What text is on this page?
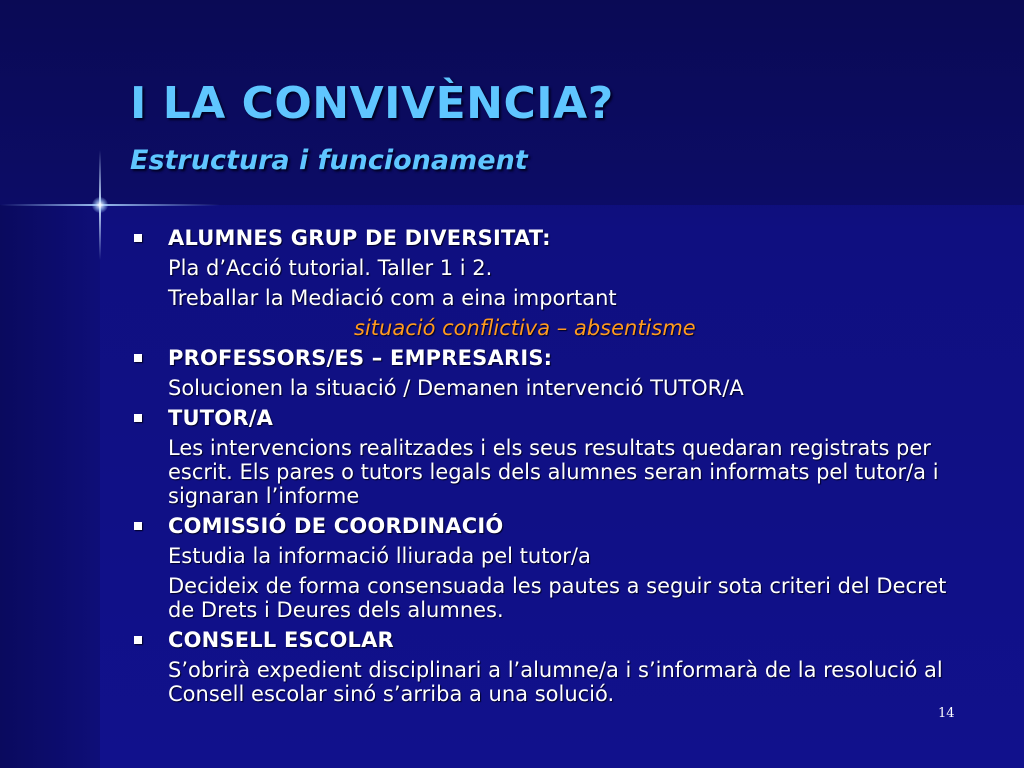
I LA CONVIVÈNCIA?
Estructura i funcionament
ALUMNES GRUP DE DIVERSITAT:
Pla d’Acció tutorial. Taller 1 i 2.
Treballar la Mediació com a eina important
situació conflictiva – absentisme
PROFESSORS/ES – EMPRESARIS:
Solucionen la situació / Demanen intervenció TUTOR/A
TUTOR/A
Les intervencions realitzades i els seus resultats quedaran registrats per escrit. Els pares o tutors legals dels alumnes seran informats pel tutor/a i signaran l’informe
COMISSIÓ DE COORDINACIÓ
Estudia la informació lliurada pel tutor/a
Decideix de forma consensuada les pautes a seguir sota criteri del Decret de Drets i Deures dels alumnes.
CONSELL ESCOLAR
S’obrirà expedient disciplinari a l’alumne/a i s’informarà de la resolució al Consell escolar sinó s’arriba a una solució.
14
